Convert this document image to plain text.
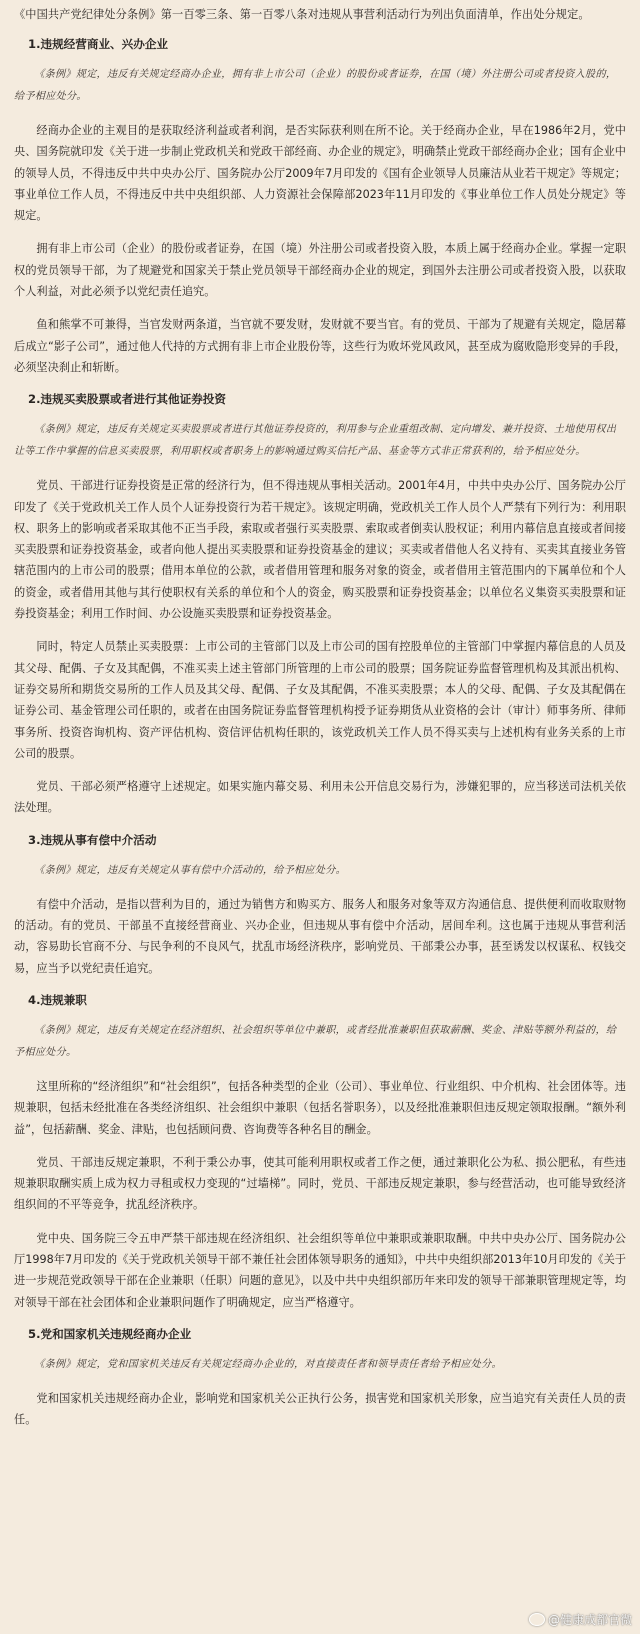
《中国共产党纪律处分条例》第一百零三条、第一百零八条对违规从事营利活动行为列出负面清单，作出处分规定。

1.违规经营商业、兴办企业

《条例》规定，违反有关规定经商办企业，拥有非上市公司（企业）的股份或者证券，在国（境）外注册公司或者投资入股的，给予相应处分。

经商办企业的主观目的是获取经济利益或者利润，是否实际获利则在所不论。关于经商办企业，早在1986年2月，党中央、国务院就印发《关于进一步制止党政机关和党政干部经商、办企业的规定》，明确禁止党政干部经商办企业；国有企业中的领导人员，不得违反中共中央办公厅、国务院办公厅2009年7月印发的《国有企业领导人员廉洁从业若干规定》等规定；事业单位工作人员，不得违反中共中央组织部、人力资源社会保障部2023年11月印发的《事业单位工作人员处分规定》等规定。

拥有非上市公司（企业）的股份或者证券，在国（境）外注册公司或者投资入股，本质上属于经商办企业。掌握一定职权的党员领导干部，为了规避党和国家关于禁止党员领导干部经商办企业的规定，到国外去注册公司或者投资入股，以获取个人利益，对此必须予以党纪责任追究。

鱼和熊掌不可兼得，当官发财两条道，当官就不要发财，发财就不要当官。有的党员、干部为了规避有关规定，隐居幕后成立“影子公司”，通过他人代持的方式拥有非上市企业股份等，这些行为败坏党风政风，甚至成为腐败隐形变异的手段，必须坚决刹止和斩断。

2.违规买卖股票或者进行其他证券投资

《条例》规定，违反有关规定买卖股票或者进行其他证券投资的，利用参与企业重组改制、定向增发、兼并投资、土地使用权出让等工作中掌握的信息买卖股票，利用职权或者职务上的影响通过购买信托产品、基金等方式非正常获利的，给予相应处分。

党员、干部进行证券投资是正常的经济行为，但不得违规从事相关活动。2001年4月，中共中央办公厅、国务院办公厅印发了《关于党政机关工作人员个人证券投资行为若干规定》。该规定明确，党政机关工作人员个人严禁有下列行为：利用职权、职务上的影响或者采取其他不正当手段，索取或者强行买卖股票、索取或者倒卖认股权证；利用内幕信息直接或者间接买卖股票和证券投资基金，或者向他人提出买卖股票和证券投资基金的建议；买卖或者借他人名义持有、买卖其直接业务管辖范围内的上市公司的股票；借用本单位的公款，或者借用管理和服务对象的资金，或者借用主管范围内的下属单位和个人的资金，或者借用其他与其行使职权有关系的单位和个人的资金，购买股票和证券投资基金；以单位名义集资买卖股票和证券投资基金；利用工作时间、办公设施买卖股票和证券投资基金。

同时，特定人员禁止买卖股票：上市公司的主管部门以及上市公司的国有控股单位的主管部门中掌握内幕信息的人员及其父母、配偶、子女及其配偶，不准买卖上述主管部门所管理的上市公司的股票；国务院证券监督管理机构及其派出机构、证券交易所和期货交易所的工作人员及其父母、配偶、子女及其配偶，不准买卖股票；本人的父母、配偶、子女及其配偶在证券公司、基金管理公司任职的，或者在由国务院证券监督管理机构授予证券期货从业资格的会计（审计）师事务所、律师事务所、投资咨询机构、资产评估机构、资信评估机构任职的，该党政机关工作人员不得买卖与上述机构有业务关系的上市公司的股票。

党员、干部必须严格遵守上述规定。如果实施内幕交易、利用未公开信息交易行为，涉嫌犯罪的，应当移送司法机关依法处理。

3.违规从事有偿中介活动

《条例》规定，违反有关规定从事有偿中介活动的，给予相应处分。

有偿中介活动，是指以营利为目的，通过为销售方和购买方、服务人和服务对象等双方沟通信息、提供便利而收取财物的活动。有的党员、干部虽不直接经营商业、兴办企业，但违规从事有偿中介活动，居间牟利。这也属于违规从事营利活动，容易助长官商不分、与民争利的不良风气，扰乱市场经济秩序，影响党员、干部秉公办事，甚至诱发以权谋私、权钱交易，应当予以党纪责任追究。

4.违规兼职

《条例》规定，违反有关规定在经济组织、社会组织等单位中兼职，或者经批准兼职但获取薪酬、奖金、津贴等额外利益的，给予相应处分。

这里所称的“经济组织”和“社会组织”，包括各种类型的企业（公司）、事业单位、行业组织、中介机构、社会团体等。违规兼职，包括未经批准在各类经济组织、社会组织中兼职（包括名誉职务），以及经批准兼职但违反规定领取报酬。“额外利益”，包括薪酬、奖金、津贴，也包括顾问费、咨询费等各种名目的酬金。

党员、干部违反规定兼职，不利于秉公办事，使其可能利用职权或者工作之便，通过兼职化公为私、损公肥私，有些违规兼职取酬实质上成为权力寻租或权力变现的“过墙梯”。同时，党员、干部违反规定兼职，参与经营活动，也可能导致经济组织间的不平等竞争，扰乱经济秩序。

党中央、国务院三令五申严禁干部违规在经济组织、社会组织等单位中兼职或兼职取酬。中共中央办公厅、国务院办公厅1998年7月印发的《关于党政机关领导干部不兼任社会团体领导职务的通知》，中共中央组织部2013年10月印发的《关于进一步规范党政领导干部在企业兼职（任职）问题的意见》，以及中共中央组织部历年来印发的领导干部兼职管理规定等，均对领导干部在社会团体和企业兼职问题作了明确规定，应当严格遵守。

5.党和国家机关违规经商办企业

《条例》规定，党和国家机关违反有关规定经商办企业的，对直接责任者和领导责任者给予相应处分。

党和国家机关违规经商办企业，影响党和国家机关公正执行公务，损害党和国家机关形象，应当追究有关责任人员的责任。

@健康成都官微
